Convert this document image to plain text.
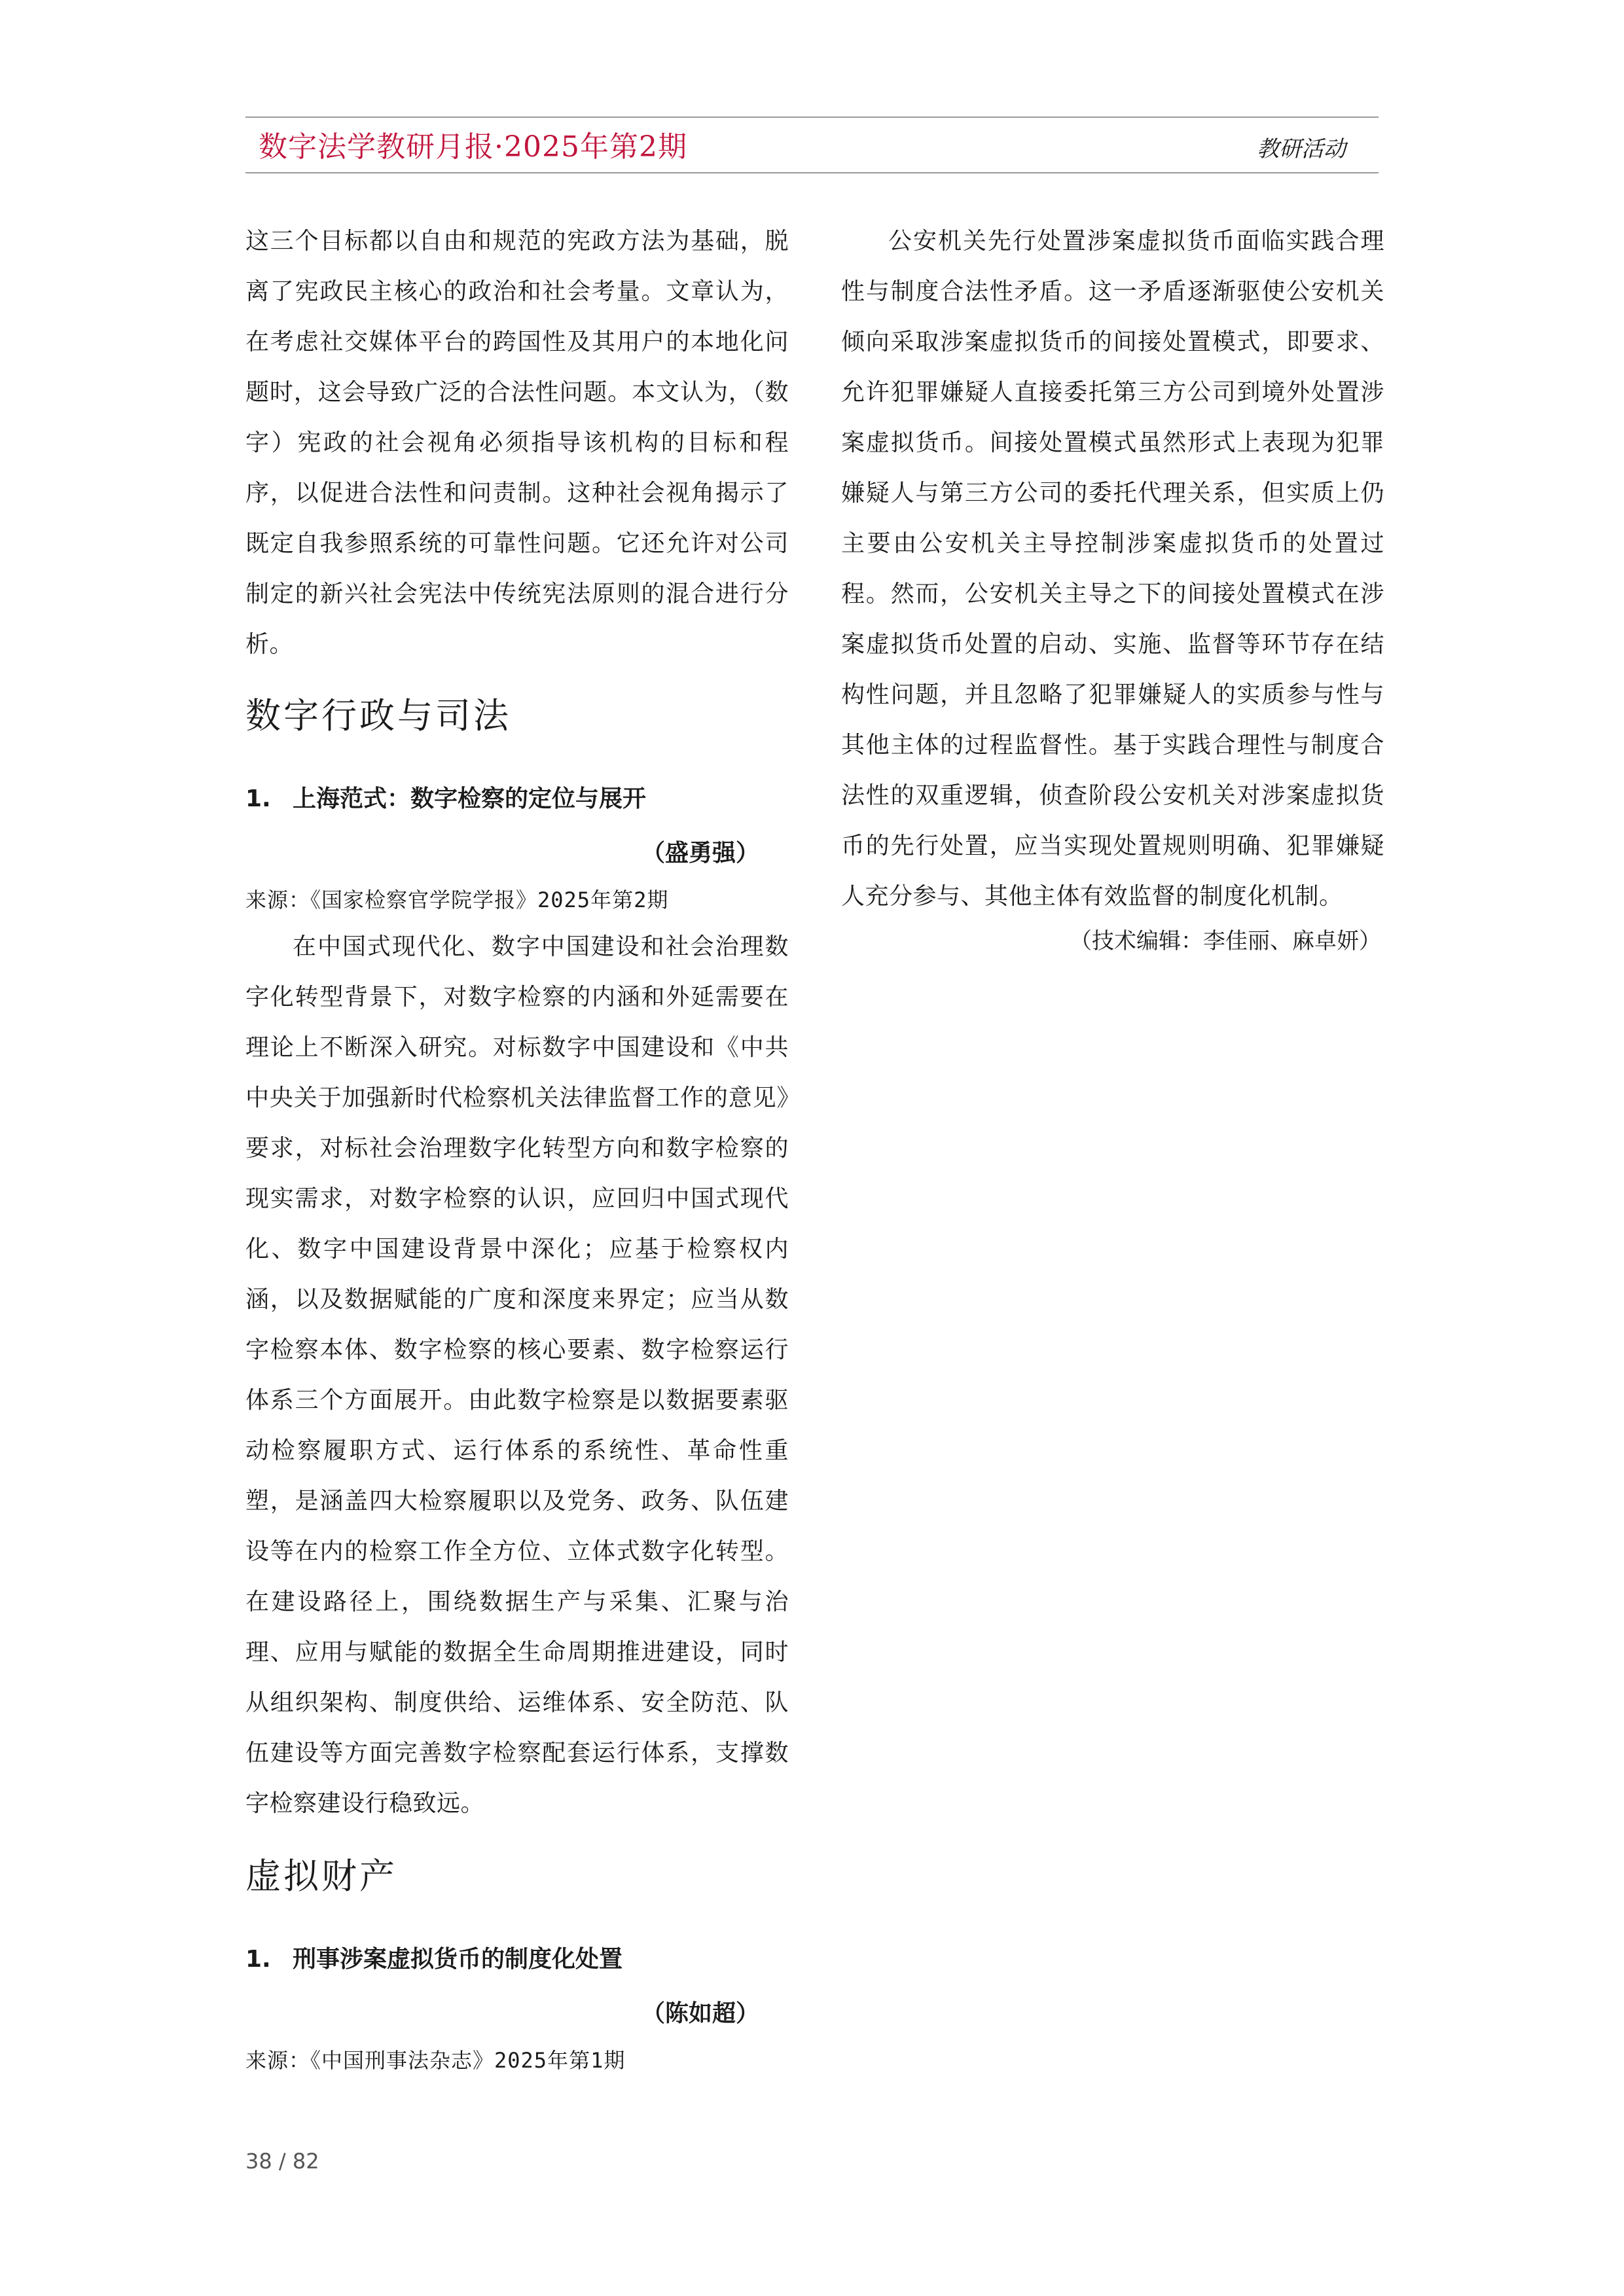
数字法学教研月报·2025年第2期	教研活动

这三个目标都以自由和规范的宪政方法为基础，脱离了宪政民主核心的政治和社会考量。文章认为，在考虑社交媒体平台的跨国性及其用户的本地化问题时，这会导致广泛的合法性问题。本文认为，（数字）宪政的社会视角必须指导该机构的目标和程序，以促进合法性和问责制。这种社会视角揭示了既定自我参照系统的可靠性问题。它还允许对公司制定的新兴社会宪法中传统宪法原则的混合进行分析。

数字行政与司法
1. 上海范式：数字检察的定位与展开
（盛勇强）
来源：《国家检察官学院学报》2025年第2期

在中国式现代化、数字中国建设和社会治理数字化转型背景下，对数字检察的内涵和外延需要在理论上不断深入研究。对标数字中国建设和《中共中央关于加强新时代检察机关法律监督工作的意见》要求，对标社会治理数字化转型方向和数字检察的现实需求，对数字检察的认识，应回归中国式现代化、数字中国建设背景中深化；应基于检察权内涵，以及数据赋能的广度和深度来界定；应当从数字检察本体、数字检察的核心要素、数字检察运行体系三个方面展开。由此数字检察是以数据要素驱动检察履职方式、运行体系的系统性、革命性重塑，是涵盖四大检察履职以及党务、政务、队伍建设等在内的检察工作全方位、立体式数字化转型。在建设路径上，围绕数据生产与采集、汇聚与治理、应用与赋能的数据全生命周期推进建设，同时从组织架构、制度供给、运维体系、安全防范、队伍建设等方面完善数字检察配套运行体系，支撑数字检察建设行稳致远。

虚拟财产
1. 刑事涉案虚拟货币的制度化处置
（陈如超）
来源：《中国刑事法杂志》2025年第1期

公安机关先行处置涉案虚拟货币面临实践合理性与制度合法性矛盾。这一矛盾逐渐驱使公安机关倾向采取涉案虚拟货币的间接处置模式，即要求、允许犯罪嫌疑人直接委托第三方公司到境外处置涉案虚拟货币。间接处置模式虽然形式上表现为犯罪嫌疑人与第三方公司的委托代理关系，但实质上仍主要由公安机关主导控制涉案虚拟货币的处置过程。然而，公安机关主导之下的间接处置模式在涉案虚拟货币处置的启动、实施、监督等环节存在结构性问题，并且忽略了犯罪嫌疑人的实质参与性与其他主体的过程监督性。基于实践合理性与制度合法性的双重逻辑，侦查阶段公安机关对涉案虚拟货币的先行处置，应当实现处置规则明确、犯罪嫌疑人充分参与、其他主体有效监督的制度化机制。

（技术编辑：李佳丽、麻卓妍）
38 / 82
